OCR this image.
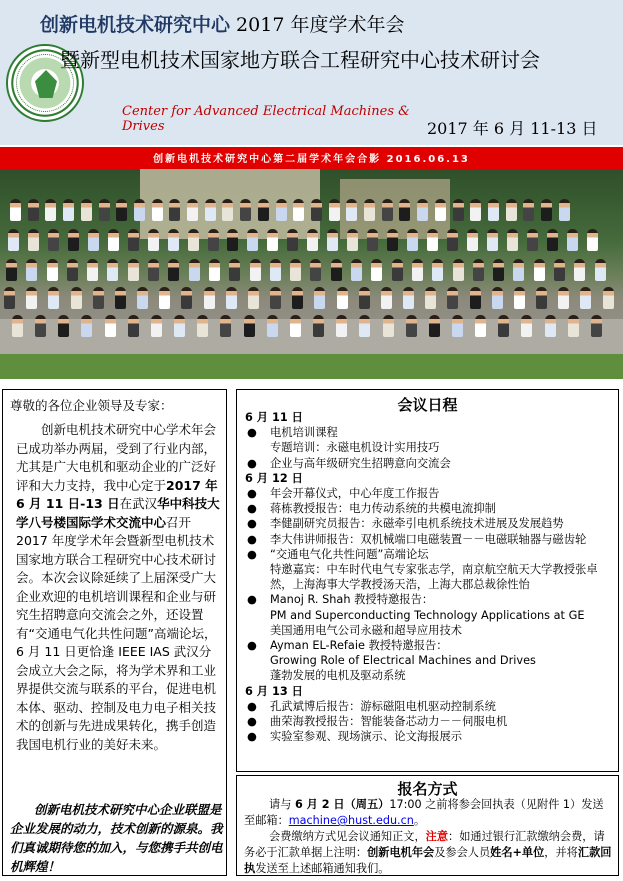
创新电机技术研究中心 2017 年度学术年会
暨新型电机技术国家地方联合工程研究中心技术研讨会
Center for Advanced Electrical Machines & Drives	2017 年 6 月 11-13 日
创新电机技术研究中心第二届学术年会合影 2016.06.13
尊敬的各位企业领导及专家：
创新电机技术研究中心学术年会已成功举办两届，受到了行业内部，尤其是广大电机和驱动企业的广泛好评和大力支持，我中心定于2017 年 6 月 11 日-13 日在武汉华中科技大学八号楼国际学术交流中心召开 2017 年度学术年会暨新型电机技术国家地方联合工程研究中心技术研讨会。本次会议除延续了上届深受广大企业欢迎的电机培训课程和企业与研究生招聘意向交流会之外，还设置有“交通电气化共性问题”高端论坛，6 月 11 日更恰逢 IEEE IAS 武汉分会成立大会之际，将为学术界和工业界提供交流与联系的平台，促进电机本体、驱动、控制及电力电子相关技术的创新与先进成果转化，携手创造我国电机行业的美好未来。
创新电机技术研究中心企业联盟是企业发展的动力，技术创新的源泉。我们真诚期待您的加入，与您携手共创电机辉煌！
会议日程
6 月 11 日
● 电机培训课程
专题培训：永磁电机设计实用技巧
● 企业与高年级研究生招聘意向交流会
6 月 12 日
● 年会开幕仪式，中心年度工作报告
● 蒋栋教授报告：电力传动系统的共模电流抑制
● 李健副研究员报告：永磁牵引电机系统技术进展及发展趋势
● 李大伟讲师报告：双机械端口电磁装置－－电磁联轴器与磁齿轮
● “交通电气化共性问题”高端论坛
特邀嘉宾：中车时代电气专家张志学，南京航空航天大学教授张卓然，上海海事大学教授汤天浩，上海大郡总裁徐性怡
● Manoj R. Shah 教授特邀报告：
PM and Superconducting Technology Applications at GE
美国通用电气公司永磁和超导应用技术
● Ayman EL-Refaie 教授特邀报告：
Growing Role of Electrical Machines and Drives
蓬勃发展的电机及驱动系统
6 月 13 日
● 孔武斌博后报告：游标磁阻电机驱动控制系统
● 曲荣海教授报告：智能装备芯动力－－伺服电机
● 实验室参观、现场演示、论文海报展示
报名方式
请与 6 月 2 日（周五）17:00 之前将参会回执表（见附件 1）发送至邮箱：machine@hust.edu.cn。
会费缴纳方式见会议通知正文，注意：如通过银行汇款缴纳会费，请务必于汇款单据上注明：创新电机年会及参会人员姓名+单位，并将汇款回执发送至上述邮箱通知我们。
